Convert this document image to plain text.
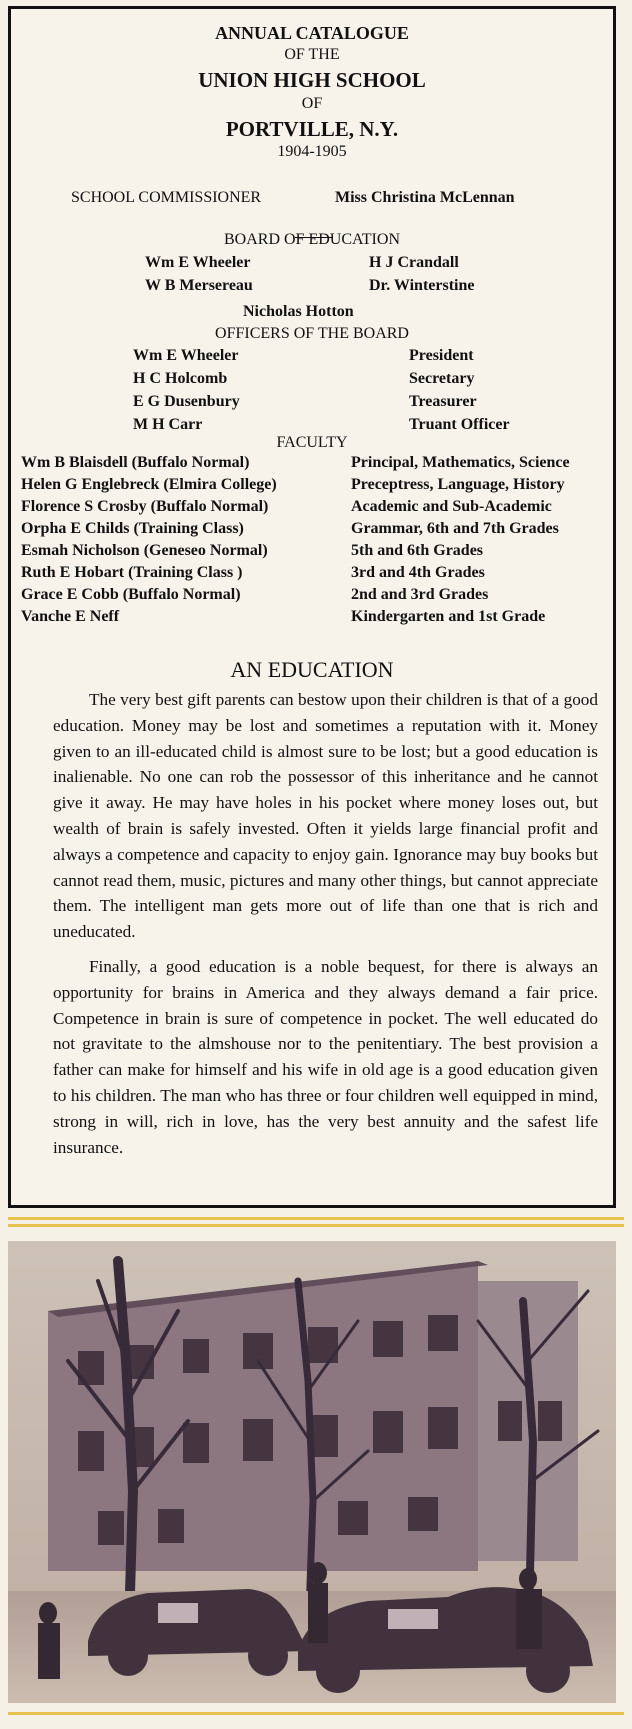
ANNUAL CATALOGUE
OF THE
UNION HIGH SCHOOL
OF
PORTVILLE, N.Y.
1904-1905
SCHOOL COMMISSIONER	Miss Christina McLennan
BOARD OF EDUCATION
Wm E Wheeler	H J Crandall
W B Mersereau	Dr. Winterstine
Nicholas Hotton
OFFICERS OF THE BOARD
Wm E Wheeler	President
H C Holcomb	Secretary
E G Dusenbury	Treasurer
M H Carr	Truant Officer
FACULTY
Wm B Blaisdell (Buffalo Normal)	Principal, Mathematics, Science
Helen G Englebreck (Elmira College)	Preceptress, Language, History
Florence S Crosby (Buffalo Normal)	Academic and Sub-Academic
Orpha E Childs (Training Class)	Grammar, 6th and 7th Grades
Esmah Nicholson (Geneseo Normal)	5th and 6th Grades
Ruth E Hobart (Training Class )	3rd and 4th Grades
Grace E Cobb (Buffalo Normal)	2nd and 3rd Grades
Vanche E Neff	Kindergarten and 1st Grade
AN EDUCATION

The very best gift parents can bestow upon their children is that of a good education. Money may be lost and sometimes a reputation with it. Money given to an ill-educated child is almost sure to be lost; but a good education is inalienable. No one can rob the possessor of this inheritance and he cannot give it away. He may have holes in his pocket where money loses out, but wealth of brain is safely invested. Often it yields large financial profit and always a competence and capacity to enjoy gain. Ignorance may buy books but cannot read them, music, pictures and many other things, but cannot appreciate them. The intelligent man gets more out of life than one that is rich and uneducated.

Finally, a good education is a noble bequest, for there is always an opportunity for brains in America and they always demand a fair price. Competence in brain is sure of competence in pocket. The well educated do not gravitate to the almshouse nor to the penitentiary. The best provision a father can make for himself and his wife in old age is a good education given to his children. The man who has three or four children well equipped in mind, strong in will, rich in love, has the very best annuity and the safest life insurance.
